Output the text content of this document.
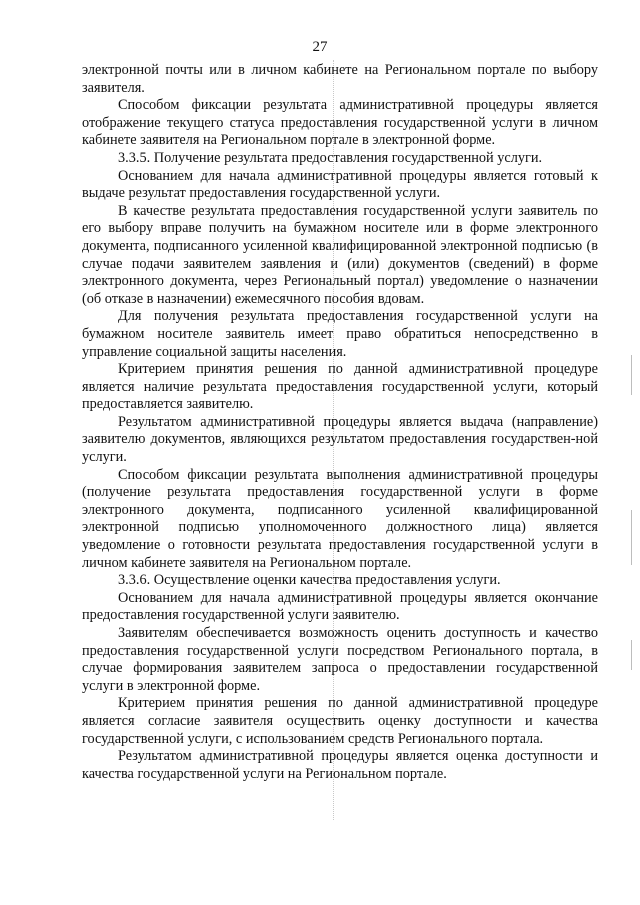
27

электронной почты или в личном кабинете на Региональном портале по выбору заявителя.

Способом фиксации результата административной процедуры является отображение текущего статуса предоставления государственной услуги в личном кабинете заявителя на Региональном портале в электронной форме.

3.3.5. Получение результата предоставления государственной услуги.

Основанием для начала административной процедуры является готовый к выдаче результат предоставления государственной услуги.

В качестве результата предоставления государственной услуги заявитель по его выбору вправе получить на бумажном носителе или в форме электронного документа, подписанного усиленной квалифицированной электронной подписью (в случае подачи заявителем заявления и (или) документов (сведений) в форме электронного документа, через Региональный портал) уведомление о назначении (об отказе в назначении) ежемесячного пособия вдовам.

Для получения результата предоставления государственной услуги на бумажном носителе заявитель имеет право обратиться непосредственно в управление социальной защиты населения.

Критерием принятия решения по данной административной процедуре является наличие результата предоставления государственной услуги, который предоставляется заявителю.

Результатом административной процедуры является выдача (направление) заявителю документов, являющихся результатом предоставления государствен-ной услуги.

Способом фиксации результата выполнения административной процедуры (получение результата предоставления государственной услуги в форме электронного документа, подписанного усиленной квалифицированной электронной подписью уполномоченного должностного лица) является уведомление о готовности результата предоставления государственной услуги в личном кабинете заявителя на Региональном портале.

3.3.6. Осуществление оценки качества предоставления услуги.

Основанием для начала административной процедуры является окончание предоставления государственной услуги заявителю.

Заявителям обеспечивается возможность оценить доступность и качество предоставления государственной услуги посредством Регионального портала, в случае формирования заявителем запроса о предоставлении государственной услуги в электронной форме.

Критерием принятия решения по данной административной процедуре является согласие заявителя осуществить оценку доступности и качества государственной услуги, с использованием средств Регионального портала.

Результатом административной процедуры является оценка доступности и качества государственной услуги на Региональном портале.
